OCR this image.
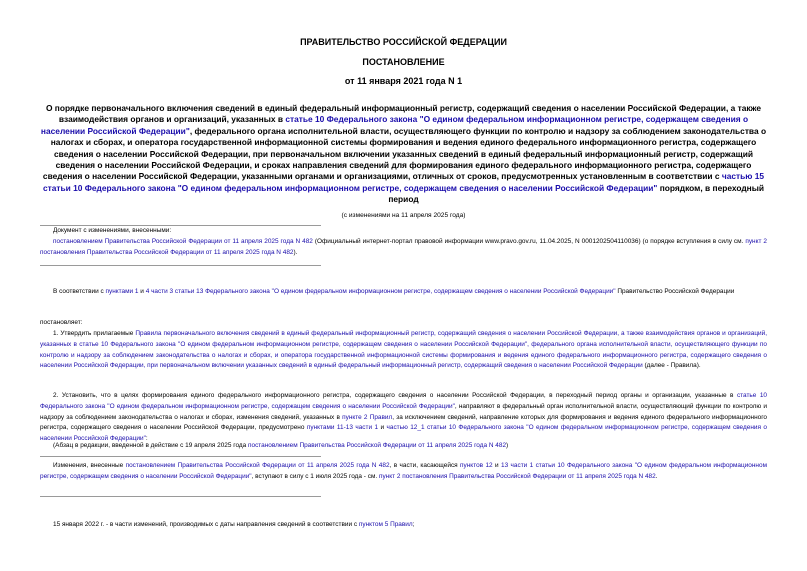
ПРАВИТЕЛЬСТВО РОССИЙСКОЙ ФЕДЕРАЦИИ
ПОСТАНОВЛЕНИЕ
от 11 января 2021 года N 1
О порядке первоначального включения сведений в единый федеральный информационный регистр, содержащий сведения о населении Российской Федерации, а также взаимодействия органов и организаций, указанных в статье 10 Федерального закона "О едином федеральном информационном регистре, содержащем сведения о населении Российской Федерации", федерального органа исполнительной власти, осуществляющего функции по контролю и надзору за соблюдением законодательства о налогах и сборах, и оператора государственной информационной системы формирования и ведения единого федерального информационного регистра, содержащего сведения о населении Российской Федерации, при первоначальном включении указанных сведений в единый федеральный информационный регистр, содержащий сведения о населении Российской Федерации, и сроках направления сведений для формирования единого федерального информационного регистра, содержащего сведения о населении Российской Федерации, указанными органами и организациями, отличных от сроков, предусмотренных установленным в соответствии с частью 15 статьи 10 Федерального закона "О едином федеральном информационном регистре, содержащем сведения о населении Российской Федерации" порядком, в переходный период
(с изменениями на 11 апреля 2025 года)
Документ с изменениями, внесенными:
постановлением Правительства Российской Федерации от 11 апреля 2025 года N 482 (Официальный интернет-портал правовой информации www.pravo.gov.ru, 11.04.2025, N 0001202504110036) (о порядке вступления в силу см. пункт 2 постановления Правительства Российской Федерации от 11 апреля 2025 года N 482).
В соответствии с пунктами 1 и 4 части 3 статьи 13 Федерального закона "О едином федеральном информационном регистре, содержащем сведения о населении Российской Федерации" Правительство Российской Федерации
постановляет:
1. Утвердить прилагаемые Правила первоначального включения сведений в единый федеральный информационный регистр, содержащий сведения о населении Российской Федерации, а также взаимодействия органов и организаций, указанных в статье 10 Федерального закона "О едином федеральном информационном регистре, содержащем сведения о населении Российской Федерации", федерального органа исполнительной власти, осуществляющего функции по контролю и надзору за соблюдением законодательства о налогах и сборах, и оператора государственной информационной системы формирования и ведения единого федерального информационного регистра, содержащего сведения о населении Российской Федерации, при первоначальном включении указанных сведений в единый федеральный информационный регистр, содержащий сведения о населении Российской Федерации (далее - Правила).
2. Установить, что в целях формирования единого федерального информационного регистра, содержащего сведения о населении Российской Федерации, в переходный период органы и организации, указанные в статье 10 Федерального закона "О едином федеральном информационном регистре, содержащем сведения о населении Российской Федерации", направляют в федеральный орган исполнительной власти, осуществляющий функции по контролю и надзору за соблюдением законодательства о налогах и сборах, изменения сведений, указанных в пункте 2 Правил, за исключением сведений, направление которых для формирования и ведения единого федерального информационного регистра, содержащего сведения о населении Российской Федерации, предусмотрено пунктами 11-13 части 1 и частью 12_1 статьи 10 Федерального закона "О едином федеральном информационном регистре, содержащем сведения о населении Российской Федерации":
(Абзац в редакции, введенной в действие с 19 апреля 2025 года постановлением Правительства Российской Федерации от 11 апреля 2025 года N 482)
Изменения, внесенные постановлением Правительства Российской Федерации от 11 апреля 2025 года N 482, в части, касающейся пунктов 12 и 13 части 1 статьи 10 Федерального закона "О едином федеральном информационном регистре, содержащем сведения о населении Российской Федерации", вступают в силу с 1 июля 2025 года - см. пункт 2 постановления Правительства Российской Федерации от 11 апреля 2025 года N 482.
15 января 2022 г. - в части изменений, производимых с даты направления сведений в соответствии с пунктом 5 Правил;
